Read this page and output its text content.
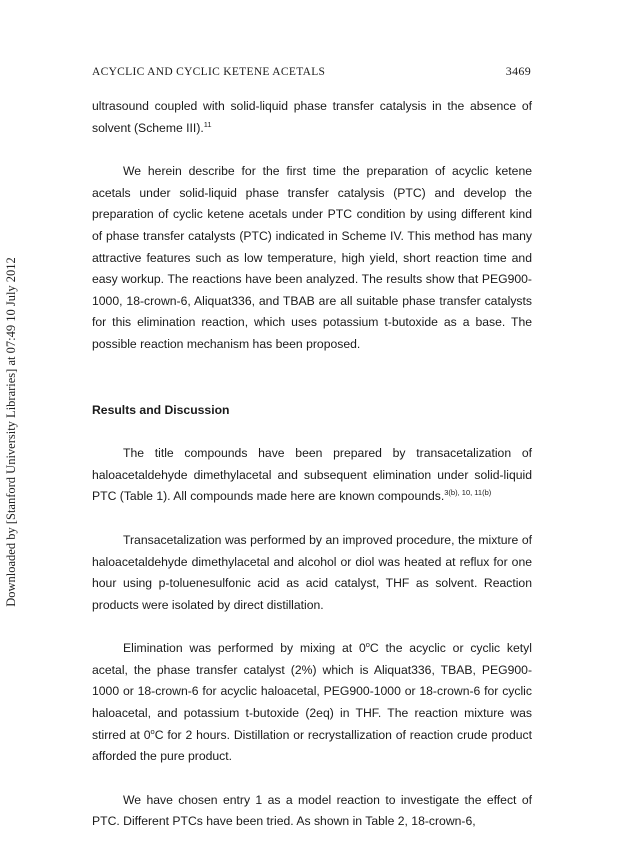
ACYCLIC AND CYCLIC KETENE ACETALS	3469
Downloaded by [Stanford University Libraries] at 07:49 10 July 2012

ultrasound coupled with solid-liquid phase transfer catalysis in the absence of solvent (Scheme III).$^{11}$

We herein describe for the first time the preparation of acyclic ketene acetals under solid-liquid phase transfer catalysis (PTC) and develop the preparation of cyclic ketene acetals under PTC condition by using different kind of phase transfer catalysts (PTC) indicated in Scheme IV. This method has many attractive features such as low temperature, high yield, short reaction time and easy workup. The reactions have been analyzed. The results show that PEG900-1000, 18-crown-6, Aliquat336, and TBAB are all suitable phase transfer catalysts for this elimination reaction, which uses potassium t-butoxide as a base. The possible reaction mechanism has been proposed.

Results and Discussion

The title compounds have been prepared by transacetalization of haloacetaldehyde dimethylacetal and subsequent elimination under solid-liquid PTC (Table 1). All compounds made here are known compounds.$^{3(b), 10, 11(b)}$

Transacetalization was performed by an improved procedure, the mixture of haloacetaldehyde dimethylacetal and alcohol or diol was heated at reflux for one hour using p-toluenesulfonic acid as acid catalyst, THF as solvent. Reaction products were isolated by direct distillation.

Elimination was performed by mixing at 0$^o$C the acyclic or cyclic ketyl acetal, the phase transfer catalyst (2%) which is Aliquat336, TBAB, PEG900-1000 or 18-crown-6 for acyclic haloacetal, PEG900-1000 or 18-crown-6 for cyclic haloacetal, and potassium t-butoxide (2eq) in THF. The reaction mixture was stirred at 0$^o$C for 2 hours. Distillation or recrystallization of reaction crude product afforded the pure product.

We have chosen entry 1 as a model reaction to investigate the effect of PTC. Different PTCs have been tried. As shown in Table 2, 18-crown-6,
